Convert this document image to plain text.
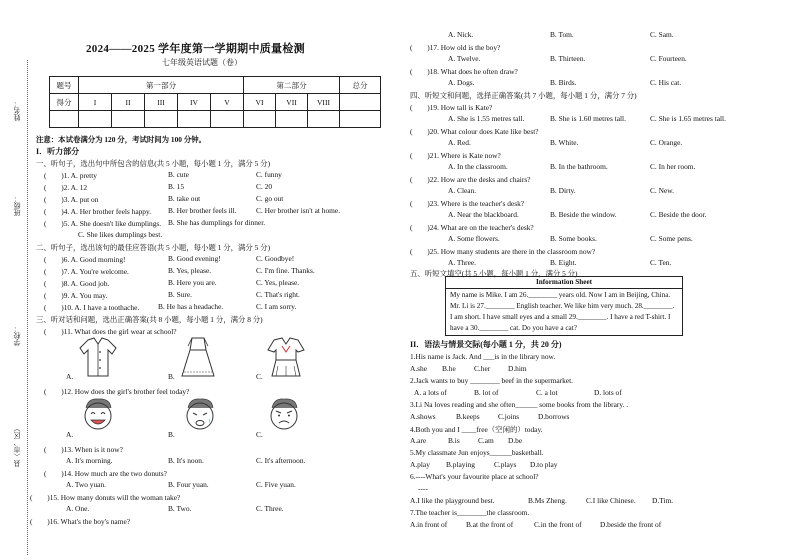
姓名：
班级：
学校：
县（市、区）
2024——2025 学年度第一学期期中质量检测
七年级英语试题（卷）
题号	第一部分					第二部分			总分
得分	I	II	III	IV	V	VI	VII	VIII	

注意：本试卷满分为 120 分，考试时间为 100 分钟。
I．听力部分
一、听句子，选出句中所包含的信息(共 5 小题，每小题 1 分，满分 5 分)
(　　)1. A. pretty	B. cute	C. funny
(　　)2. A. 12	B. 15	C. 20
(　　)3. A. put on	B. take out	C. go out
(　　)4. A. Her brother feels happy. B. Her brother feels ill.	C. Her brother isn't at home.
(　　)5. A. She doesn't like dumplings. B. She has dumplings for dinner.
C. She likes dumplings best.
二、听句子，选出该句的最佳应答语(共 5 小题，每小题 1 分，满分 5 分)
(　　)6. A. Good morning!	B. Good evening!	C. Goodbye!
(　　)7. A. You're welcome.	B. Yes, please.	C. I'm fine. Thanks.
(　　)8. A. Good job.	B. Here you are.	C. Yes, please.
(　　)9. A. You may.	B. Sure.	C. That's right.
(　　)10. A. I have a toothache.	B. He has a headache.	C. I am sorry.
三、听对话和问题，选出正确答案(共 8 小题，每小题 1 分，满分 8 分)
(　　)11. What does the girl wear at school?
A.	B.	C.
(　　)12. How does the girl's brother feel today?
A.	B.	C.
(　　)13. When is it now?
A. It's morning.	B. It's noon.	C. It's afternoon.
(　　)14. How much are the two donuts?
A. Two yuan.	B. Four yuan.	C. Five yuan.
(　　)15. How many donuts will the woman take?
A. One.	B. Two.	C. Three.
(　　)16. What's the boy's name?
A. Nick.	B. Tom.	C. Sam.
(　　)17. How old is the boy?
A. Twelve.	B. Thirteen.	C. Fourteen.
(　　)18. What does he often draw?
A. Dogs.	B. Birds.	C. His cat.
四、听短文和问题，选择正确答案(共 7 小题，每小题 1 分，满分 7 分)
(　　)19. How tall is Kate?
A. She is 1.55 metres tall.	B. She is 1.60 metres tall.	C. She is 1.65 metres tall.
(　　)20. What colour does Kate like best?
A. Red.	B. White.	C. Orange.
(　　)21. Where is Kate now?
A. In the classroom.	B. In the bathroom.	C. In her room.
(　　)22. How are the desks and chairs?
A. Clean.	B. Dirty.	C. New.
(　　)23. Where is the teacher's desk?
A. Near the blackboard.	B. Beside the window.	C. Beside the door.
(　　)24. What are on the teacher's desk?
A. Some flowers.	B. Some books.	C. Some pens.
(　　)25. How many students are there in the classroom now?
A. Three.	B. Eight.	C. Ten.
五、听短文填空(共 5 小题，每小题 1 分，满分 5 分)
Information Sheet
My name is Mike. I am 26.________ years old. Now I am in Beijing, China. Mr. Li is 27.________ English teacher. We like him very much. 28.________. I am short. I have small eyes and a small 29.________. I have a red T-shirt. I have a 30.________ cat. Do you have a cat?
II．语法与情景交际(每小题 1 分，共 20 分)
1.His name is Jack. And ___is in the library now.
A.she B.he C.her D.him
2.Jack wants to buy ________ beef in the supermarket.
A. a lots of	B. lot of	C. a lot	D. lots of
3.Li Na loves reading and she often______ some books from the library. .
A.shows	B.keeps C.joins	D.borrows
4.Both you and I ____free（空闲的）today.
A.are	B.is C.am D.be
5.My classmate Jun enjoys______basketball.
A.play B.playing	C.plays D.to play
6.----What's your favourite place at school?
----
A.I like the playground best.	B.Ms Zheng.	C.I like Chinese. D.Tim.
7.The teacher is________the classroom.
A.in front of	B.at the front of	C.in the front of D.beside the front of
